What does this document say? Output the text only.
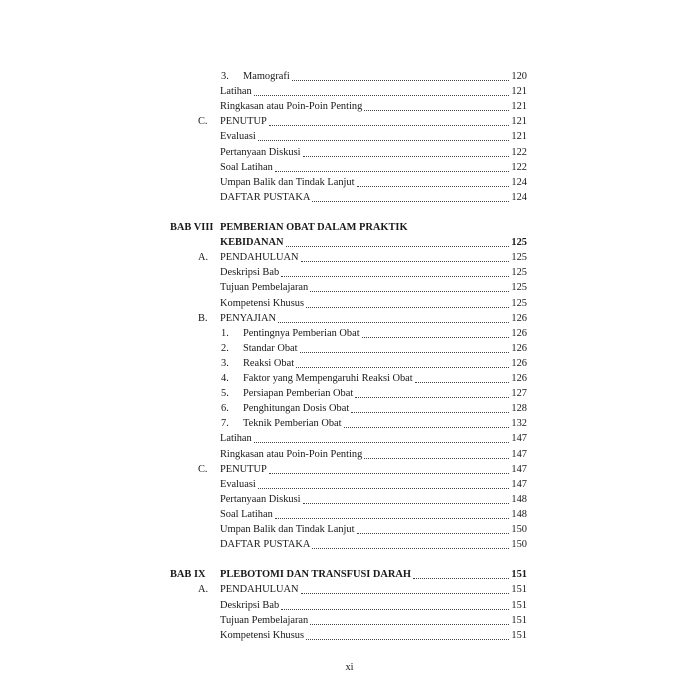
3. Mamografi	120
Latihan	121
Ringkasan atau Poin-Poin Penting	121
C. PENUTUP	121
Evaluasi	121
Pertanyaan Diskusi	122
Soal Latihan	122
Umpan Balik dan Tindak Lanjut	124
DAFTAR PUSTAKA	124
BAB VIII PEMBERIAN OBAT DALAM PRAKTIK
KEBIDANAN	125
A. PENDAHULUAN	125
Deskripsi Bab	125
Tujuan Pembelajaran	125
Kompetensi Khusus	125
B. PENYAJIAN	126
1. Pentingnya Pemberian Obat	126
2. Standar Obat	126
3. Reaksi Obat	126
4. Faktor yang Mempengaruhi Reaksi Obat	126
5. Persiapan Pemberian Obat	127
6. Penghitungan Dosis Obat	128
7. Teknik Pemberian Obat	132
Latihan	147
Ringkasan atau Poin-Poin Penting	147
C. PENUTUP	147
Evaluasi	147
Pertanyaan Diskusi	148
Soal Latihan	148
Umpan Balik dan Tindak Lanjut	150
DAFTAR PUSTAKA	150
BAB IX PLEBOTOMI DAN TRANSFUSI DARAH	151
A. PENDAHULUAN	151
Deskripsi Bab	151
Tujuan Pembelajaran	151
Kompetensi Khusus	151
xi
